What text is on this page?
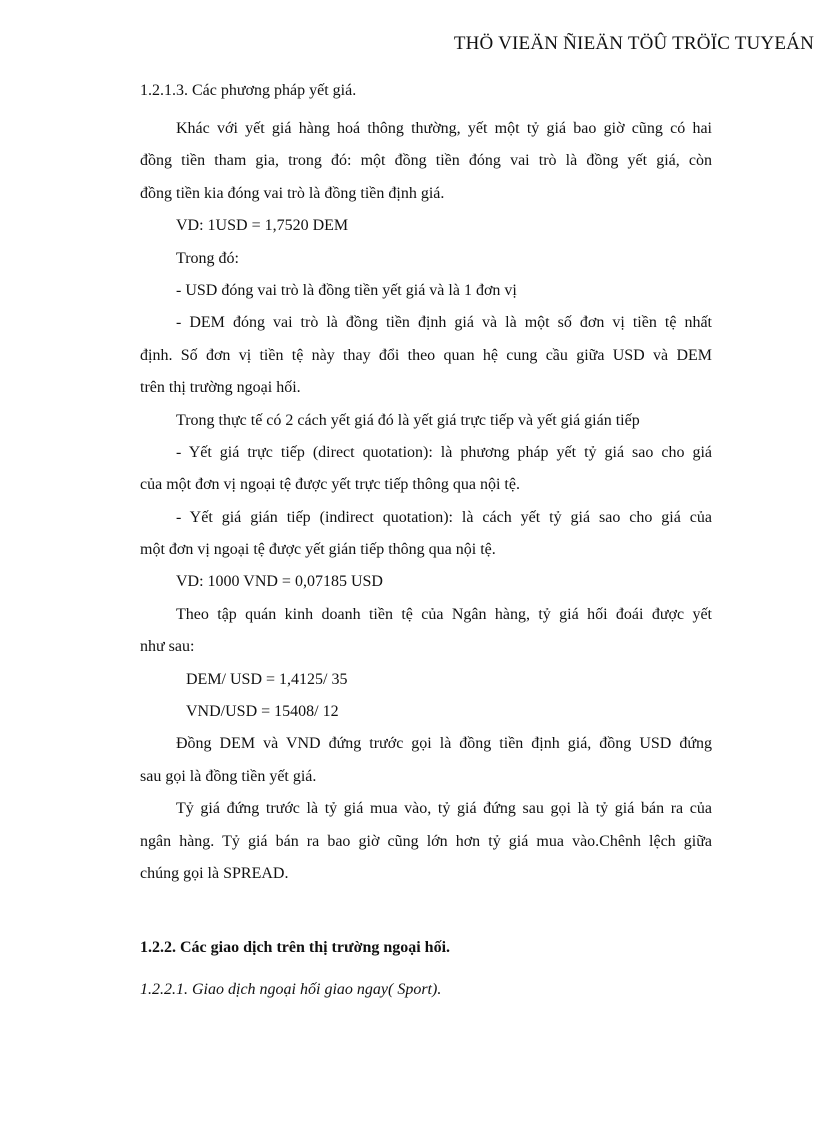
THÖ VIEÄN ÑIEÄN TÖÛ TRÖÏC TUYEÁN
1.2.1.3. Các phương pháp yết giá.
Khác với yết giá hàng hoá thông thường, yết một tỷ giá bao giờ cũng có hai
đồng tiền tham gia, trong đó: một đồng tiền đóng vai trò là đồng yết giá, còn
đồng tiền kia đóng vai trò là đồng tiền định giá.
VD: 1USD = 1,7520 DEM
Trong đó:
- USD đóng vai trò là đồng tiền yết giá và là 1 đơn vị
- DEM đóng vai trò là đồng tiền định giá và là một số đơn vị tiền tệ nhất
định. Số đơn vị tiền tệ này thay đổi theo quan hệ cung cầu giữa USD và DEM
trên thị trường ngoại hối.
Trong thực tế có 2 cách yết giá đó là yết giá trực tiếp và yết giá gián tiếp
- Yết giá trực tiếp (direct quotation): là phương pháp yết tỷ giá sao cho giá
của một đơn vị ngoại tệ được yết trực tiếp thông qua nội tệ.
- Yết giá gián tiếp (indirect quotation): là cách yết tỷ giá sao cho giá của
một đơn vị ngoại tệ được yết gián tiếp thông qua nội tệ.
VD: 1000 VND = 0,07185 USD
Theo tập quán kinh doanh tiền tệ của Ngân hàng, tỷ giá hối đoái được yết
như sau:
DEM/ USD = 1,4125/ 35
VND/USD = 15408/ 12
Đồng DEM và VND đứng trước gọi là đồng tiền định giá, đồng USD đứng
sau gọi là đồng tiền yết giá.
Tỷ giá đứng trước là tỷ giá mua vào, tỷ giá đứng sau gọi là tỷ giá bán ra của
ngân hàng. Tỷ giá bán ra bao giờ cũng lớn hơn tỷ giá mua vào.Chênh lệch giữa
chúng gọi là SPREAD.
1.2.2. Các giao dịch trên thị trường ngoại hối.
1.2.2.1. Giao dịch ngoại hối giao ngay( Sport).
